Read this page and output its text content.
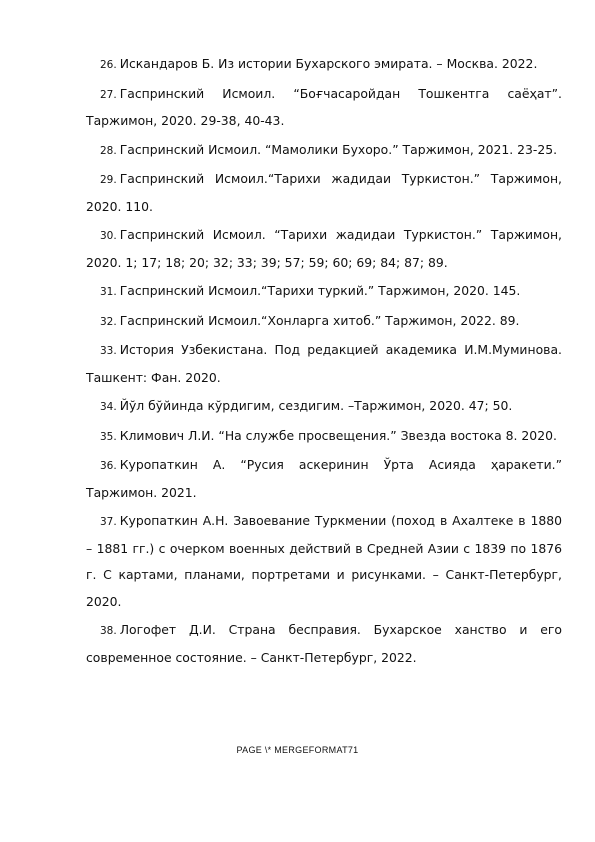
26. Искандаров Б. Из истории Бухарского эмирата. – Москва. 2022.

27. Гаспринский Исмоил. “Боғчасаройдан Тошкентга саёҳат”. Таржимон, 2020. 29-38, 40-43.

28. Гаспринский Исмоил. “Мамолики Бухоро.” Таржимон, 2021. 23-25.

29. Гаспринский Исмоил.“Тарихи жадидаи Туркистон.” Таржимон, 2020. 110.

30. Гаспринский Исмоил. “Тарихи жадидаи Туркистон.” Таржимон, 2020. 1; 17; 18; 20; 32; 33; 39; 57; 59; 60; 69; 84; 87; 89.

31. Гаспринский Исмоил.“Тарихи туркий.” Таржимон, 2020. 145.

32. Гаспринский Исмоил.“Хонларга хитоб.” Таржимон, 2022. 89.

33. История Узбекистана. Под редакцией академика И.М.Муминова. Ташкент: Фан. 2020.

34. Йўл бўйинда кўрдигим, сездигим. –Таржимон, 2020. 47; 50.

35. Климович Л.И. “На службе просвещения.” Звезда востока 8. 2020.

36. Куропаткин А. “Русия аскеринин Ўрта Асияда ҳаракети.” Таржимон. 2021.

37. Куропаткин А.Н. Завоевание Туркмении (поход в Ахалтеке в 1880 – 1881 гг.) с очерком военных действий в Средней Азии с 1839 по 1876 г. С картами, планами, портретами и рисунками. – Санкт-Петербург, 2020.

38. Логофет Д.И. Страна бесправия. Бухарское ханство и его современное состояние. – Санкт-Петербург, 2022.

PAGE \* MERGEFORMAT71
